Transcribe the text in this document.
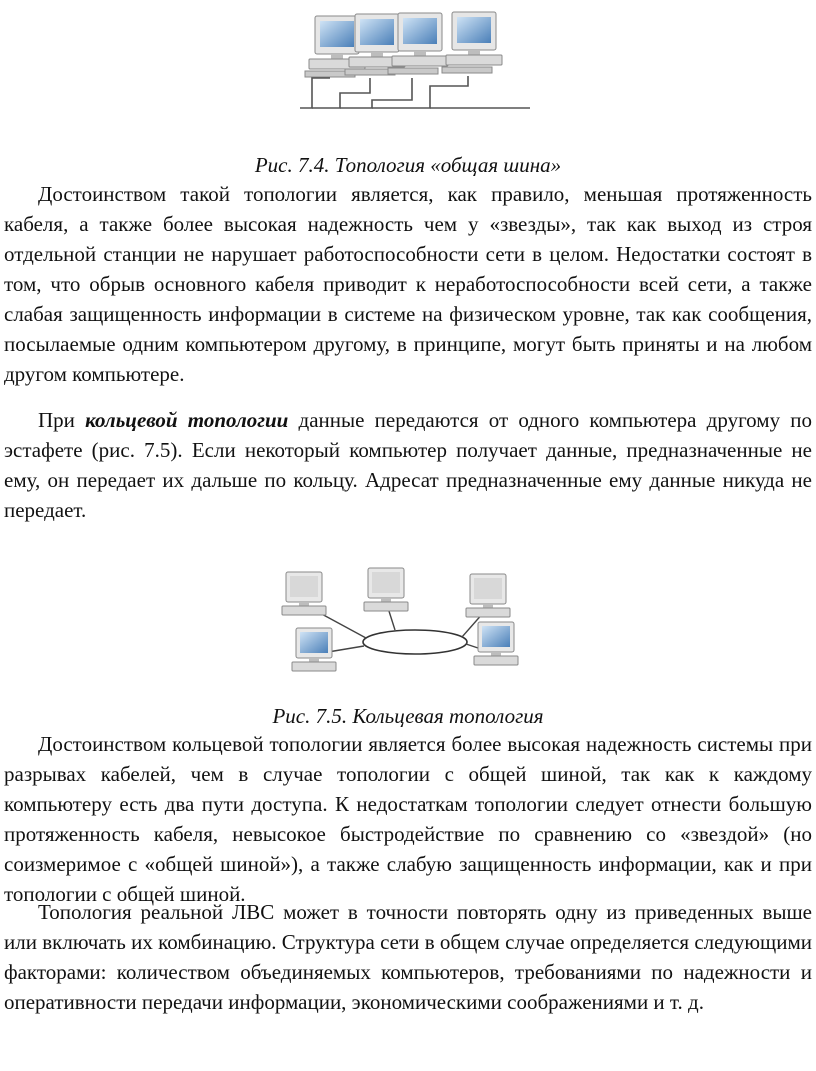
Рис. 7.4. Топология «общая шина»

Достоинством такой топологии является, как правило, меньшая протяженность кабеля, а также более высокая надежность чем у «звезды», так как выход из строя отдельной станции не нарушает работоспособности сети в целом. Недостатки состоят в том, что обрыв основного кабеля приводит к неработоспособности всей сети, а также слабая защищенность информации в системе на физическом уровне, так как сообщения, посылаемые одним компьютером другому, в принципе, могут быть приняты и на любом другом компьютере.

При кольцевой топологии данные передаются от одного компьютера другому по эстафете (рис. 7.5). Если некоторый компьютер получает данные, предназначенные не ему, он передает их дальше по кольцу. Адресат предназначенные ему данные никуда не передает.

Рис. 7.5. Кольцевая топология

Достоинством кольцевой топологии является более высокая надежность системы при разрывах кабелей, чем в случае топологии с общей шиной, так как к каждому компьютеру есть два пути доступа. К недостаткам топологии следует отнести большую протяженность кабеля, невысокое быстродействие по сравнению со «звездой» (но соизмеримое с «общей шиной»), а также слабую защищенность информации, как и при топологии с общей шиной.

Топология реальной ЛВС может в точности повторять одну из приведенных выше или включать их комбинацию. Структура сети в общем случае определяется следующими факторами: количеством объединяемых компьютеров, требованиями по надежности и оперативности передачи информации, экономическими соображениями и т. д.
